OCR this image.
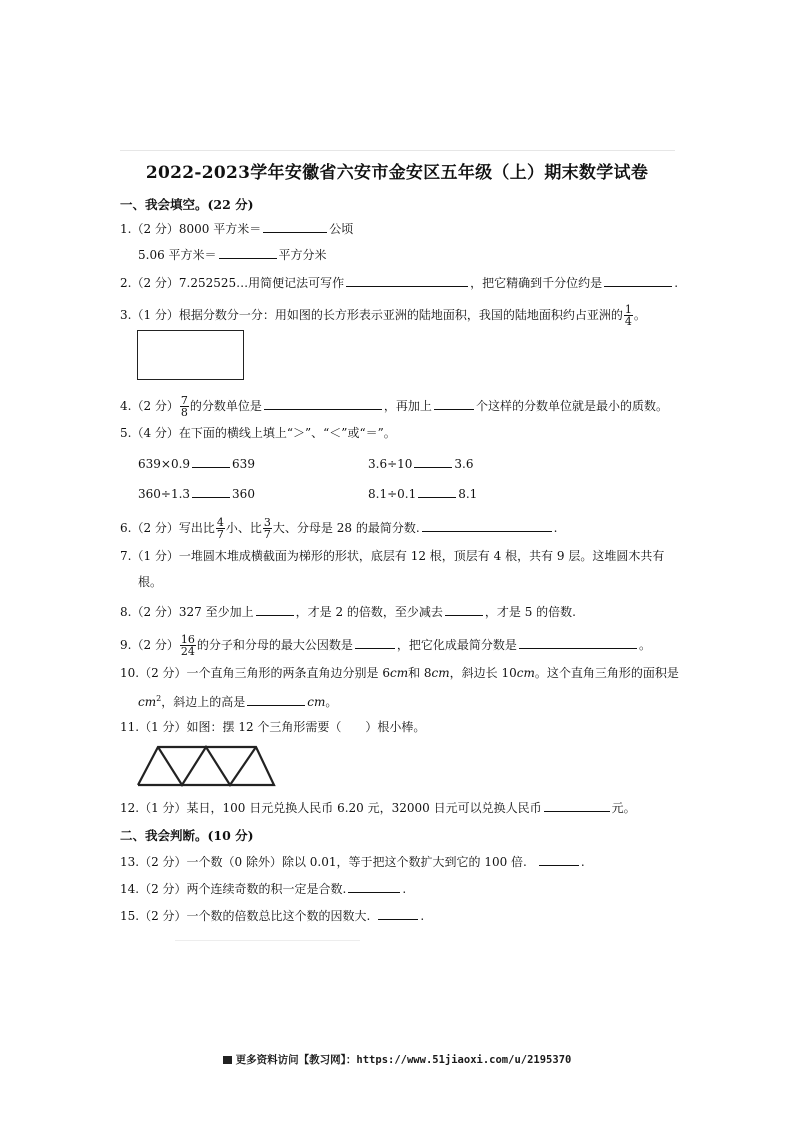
2022-2023学年安徽省六安市金安区五年级（上）期末数学试卷
一、我会填空。(22 分)
1.（2 分）8000 平方米＝	公顷
5.06 平方米＝	平方分米
2.（2 分）7.252525…用简便记法可写作	，把它精确到千分位约是	.
3.（1 分）根据分数分一分：用如图的长方形表示亚洲的陆地面积，我国的陆地面积约占亚洲的 $\frac{1}{4}$ 。
4.（2 分） $\frac{7}{8}$ 的分数单位是	，再加上	个这样的分数单位就是最小的质数。
5.（4 分）在下面的横线上填上“＞”、“＜”或“＝”。
639×0.9	639	3.6÷10	3.6
360÷1.3	360	8.1÷0.1	8.1
6.（2 分）写出比 $\frac{4}{7}$ 小、比 $\frac{3}{7}$ 大、分母是 28 的最简分数.	.
7.（1 分）一堆圆木堆成横截面为梯形的形状，底层有 12 根，顶层有 4 根，共有 9 层。这堆圆木共有
根。
8.（2 分）327 至少加上	，才是 2 的倍数，至少减去	，才是 5 的倍数.
9.（2 分） $\frac{16}{24}$ 的分子和分母的最大公因数是	，把它化成最简分数是	。
10.（2 分）一个直角三角形的两条直角边分别是 6cm和 8cm，斜边长 10cm。这个直角三角形的面积是
$cm^2$，斜边上的高是	cm。
11.（1 分）如图：摆 12 个三角形需要（　　）根小棒。
12.（1 分）某日，100 日元兑换人民币 6.20 元，32000 日元可以兑换人民币	元。
二、我会判断。(10 分)
13.（2 分）一个数（0 除外）除以 0.01，等于把这个数扩大到它的 100 倍.	.
14.（2 分）两个连续奇数的积一定是合数.	.
15.（2 分）一个数的倍数总比这个数的因数大.	.
更多资料访问【教习网】：https://www.51jiaoxi.com/u/2195370
